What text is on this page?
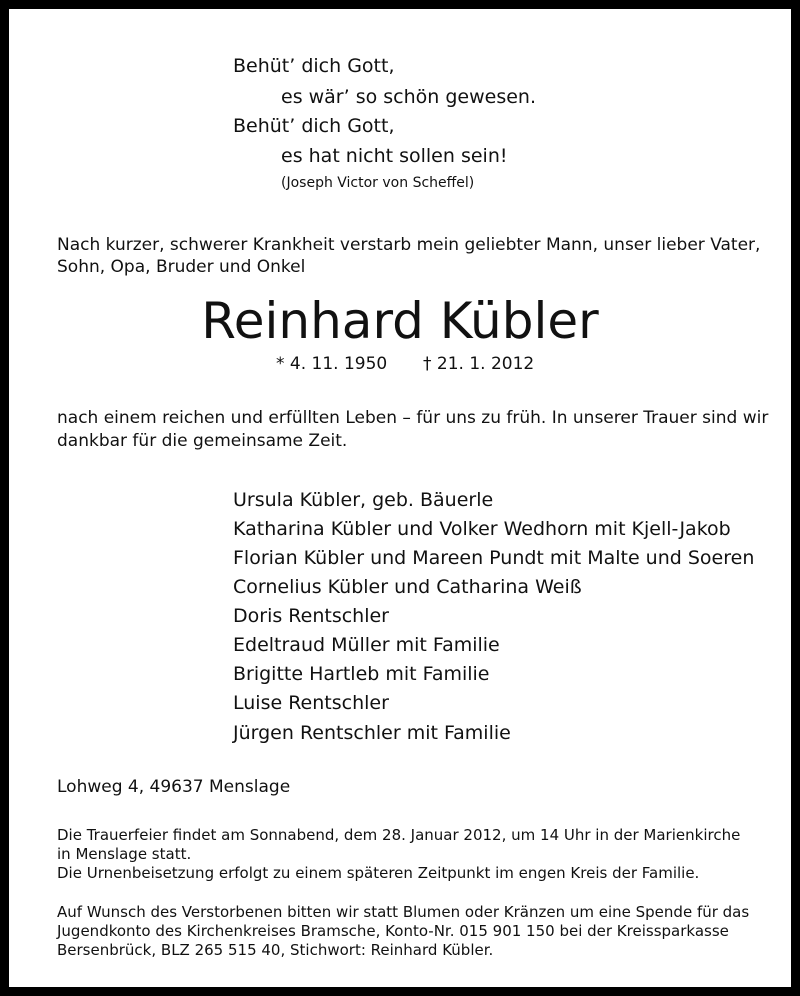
Behüt’ dich Gott,
es wär’ so schön gewesen.
Behüt’ dich Gott,
es hat nicht sollen sein!
(Joseph Victor von Scheffel)
Nach kurzer, schwerer Krankheit verstarb mein geliebter Mann, unser lieber Vater,
Sohn, Opa, Bruder und Onkel
Reinhard Kübler
* 4. 11. 1950 † 21. 1. 2012
nach einem reichen und erfüllten Leben – für uns zu früh. In unserer Trauer sind wir
dankbar für die gemeinsame Zeit.
Ursula Kübler, geb. Bäuerle
Katharina Kübler und Volker Wedhorn mit Kjell-Jakob
Florian Kübler und Mareen Pundt mit Malte und Soeren
Cornelius Kübler und Catharina Weiß
Doris Rentschler
Edeltraud Müller mit Familie
Brigitte Hartleb mit Familie
Luise Rentschler
Jürgen Rentschler mit Familie
Lohweg 4, 49637 Menslage
Die Trauerfeier findet am Sonnabend, dem 28. Januar 2012, um 14 Uhr in der Marienkirche
in Menslage statt.
Die Urnenbeisetzung erfolgt zu einem späteren Zeitpunkt im engen Kreis der Familie.
Auf Wunsch des Verstorbenen bitten wir statt Blumen oder Kränzen um eine Spende für das
Jugendkonto des Kirchenkreises Bramsche, Konto-Nr. 015 901 150 bei der Kreissparkasse
Bersenbrück, BLZ 265 515 40, Stichwort: Reinhard Kübler.
